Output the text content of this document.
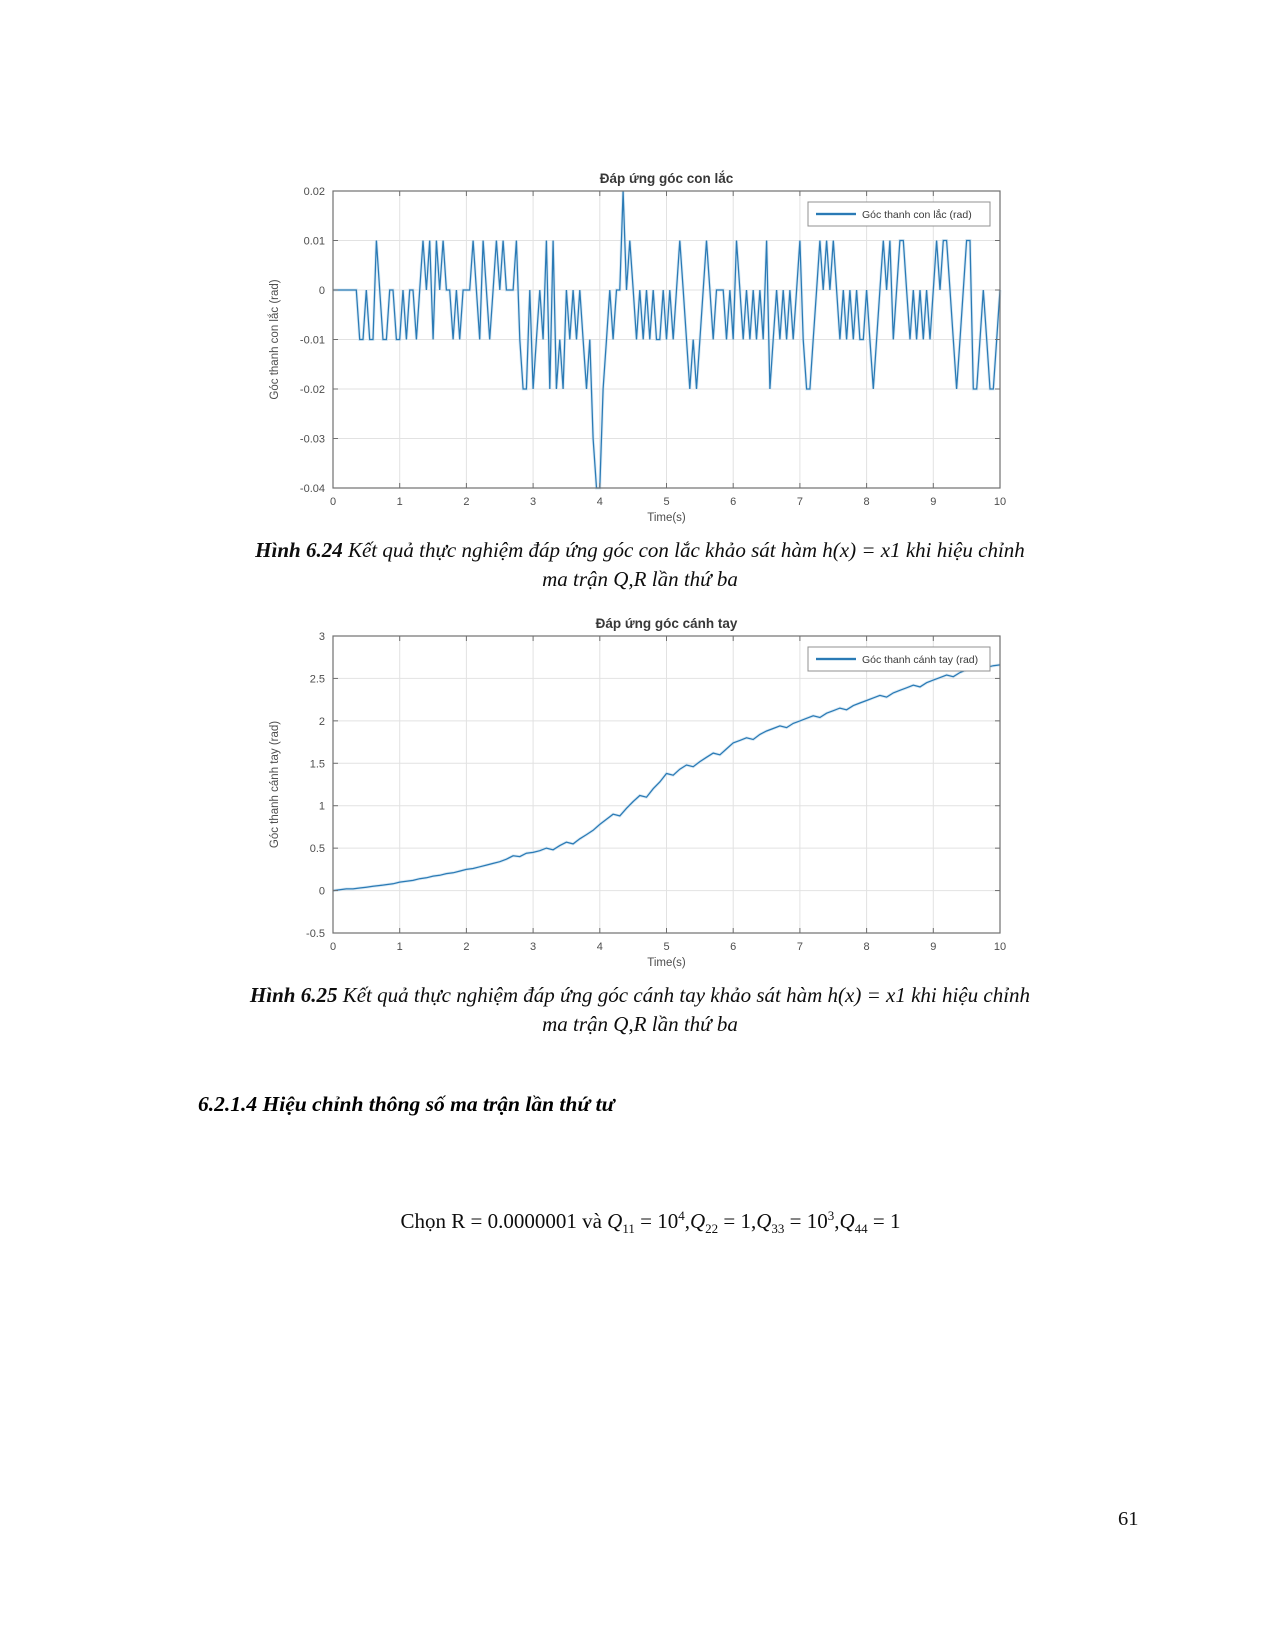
0	1	2	3	4	5	6	7	8	9	10
0.02
0.01
0
-0.01
-0.02
-0.03
-0.04
Đáp ứng góc con lắc
Time(s)
Góc thanh con lắc (rad)
Góc thanh con lắc (rad)
Hình 6.24 Kết quả thực nghiệm đáp ứng góc con lắc khảo sát hàm h(x) = x1 khi hiệu chỉnh
ma trận Q,R lần thứ ba
0	1	2	3	4	5	6	7	8	9	10
3
2.5
2
1.5
1
0.5
0
-0.5
Đáp ứng góc cánh tay
Time(s)
Góc thanh cánh tay (rad)
Góc thanh cánh tay (rad)
Hình 6.25 Kết quả thực nghiệm đáp ứng góc cánh tay khảo sát hàm h(x) = x1 khi hiệu chỉnh
ma trận Q,R lần thứ ba
6.2.1.4 Hiệu chỉnh thông số ma trận lần thứ tư
Chọn R = 0.0000001 và $Q_{11} = 10^4,Q_{22} = 1,Q_{33} = 10^3,Q_{44} = 1$
61
